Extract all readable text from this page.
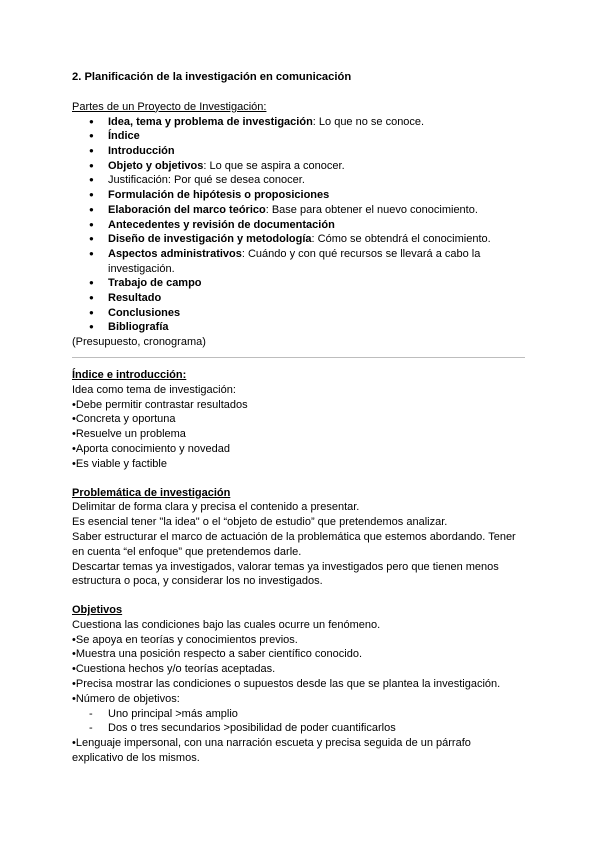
2. Planificación de la investigación en comunicación
Partes de un Proyecto de Investigación:
● Idea, tema y problema de investigación: Lo que no se conoce.
● Índice
● Introducción
● Objeto y objetivos: Lo que se aspira a conocer.
● Justificación: Por qué se desea conocer.
● Formulación de hipótesis o proposiciones
● Elaboración del marco teórico: Base para obtener el nuevo conocimiento.
● Antecedentes y revisión de documentación
● Diseño de investigación y metodología: Cómo se obtendrá el conocimiento.
● Aspectos administrativos: Cuándo y con qué recursos se llevará a cabo la investigación.
● Trabajo de campo
● Resultado
● Conclusiones
● Bibliografía
(Presupuesto, cronograma)
Índice e introducción:
Idea como tema de investigación:
•Debe permitir contrastar resultados
•Concreta y oportuna
•Resuelve un problema
•Aporta conocimiento y novedad
•Es viable y factible
Problemática de investigación
Delimitar de forma clara y precisa el contenido a presentar.
Es esencial tener "la idea" o el “objeto de estudio” que pretendemos analizar.
Saber estructurar el marco de actuación de la problemática que estemos abordando. Tener
en cuenta “el enfoque” que pretendemos darle.
Descartar temas ya investigados, valorar temas ya investigados pero que tienen menos
estructura o poca, y considerar los no investigados.
Objetivos
Cuestiona las condiciones bajo las cuales ocurre un fenómeno.
•Se apoya en teorías y conocimientos previos.
•Muestra una posición respecto a saber científico conocido.
•Cuestiona hechos y/o teorías aceptadas.
•Precisa mostrar las condiciones o supuestos desde las que se plantea la investigación.
•Número de objetivos:
- Uno principal >más amplio
- Dos o tres secundarios >posibilidad de poder cuantificarlos
•Lenguaje impersonal, con una narración escueta y precisa seguida de un párrafo
explicativo de los mismos.
